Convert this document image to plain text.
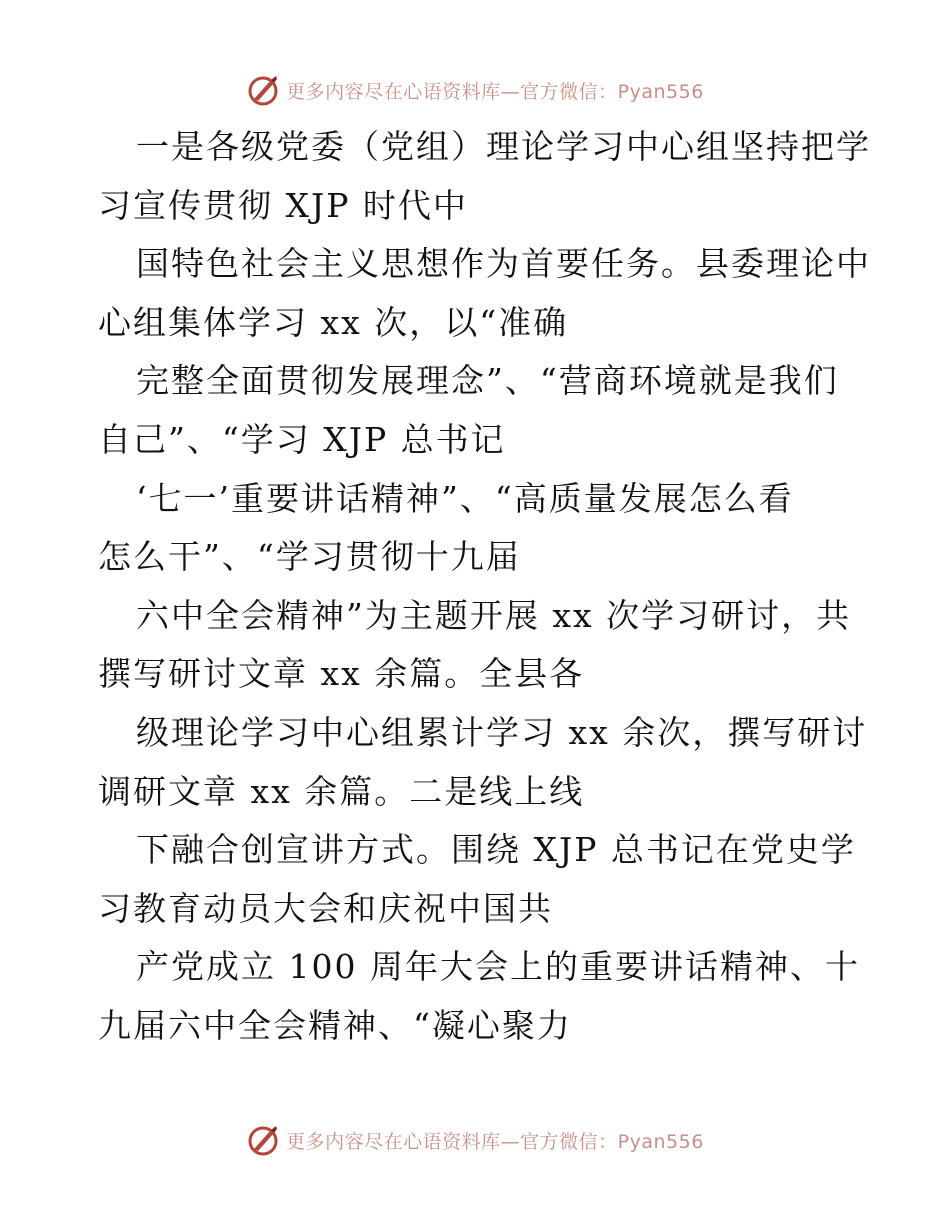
更多内容尽在心语资料库—官方微信：Pyan556
一是各级党委（党组）理论学习中心组坚持把学
习宣传贯彻 XJP 时代中
国特色社会主义思想作为首要任务。县委理论中
心组集体学习 xx 次，以“准确
完整全面贯彻发展理念”、“营商环境就是我们
自己”、“学习 XJP 总书记
‘七一’重要讲话精神”、“高质量发展怎么看
怎么干”、“学习贯彻十九届
六中全会精神”为主题开展 xx 次学习研讨，共
撰写研讨文章 xx 余篇。全县各
级理论学习中心组累计学习 xx 余次，撰写研讨
调研文章 xx 余篇。二是线上线
下融合创宣讲方式。围绕 XJP 总书记在党史学
习教育动员大会和庆祝中国共
产党成立 100 周年大会上的重要讲话精神、十
九届六中全会精神、“凝心聚力
更多内容尽在心语资料库—官方微信：Pyan556
